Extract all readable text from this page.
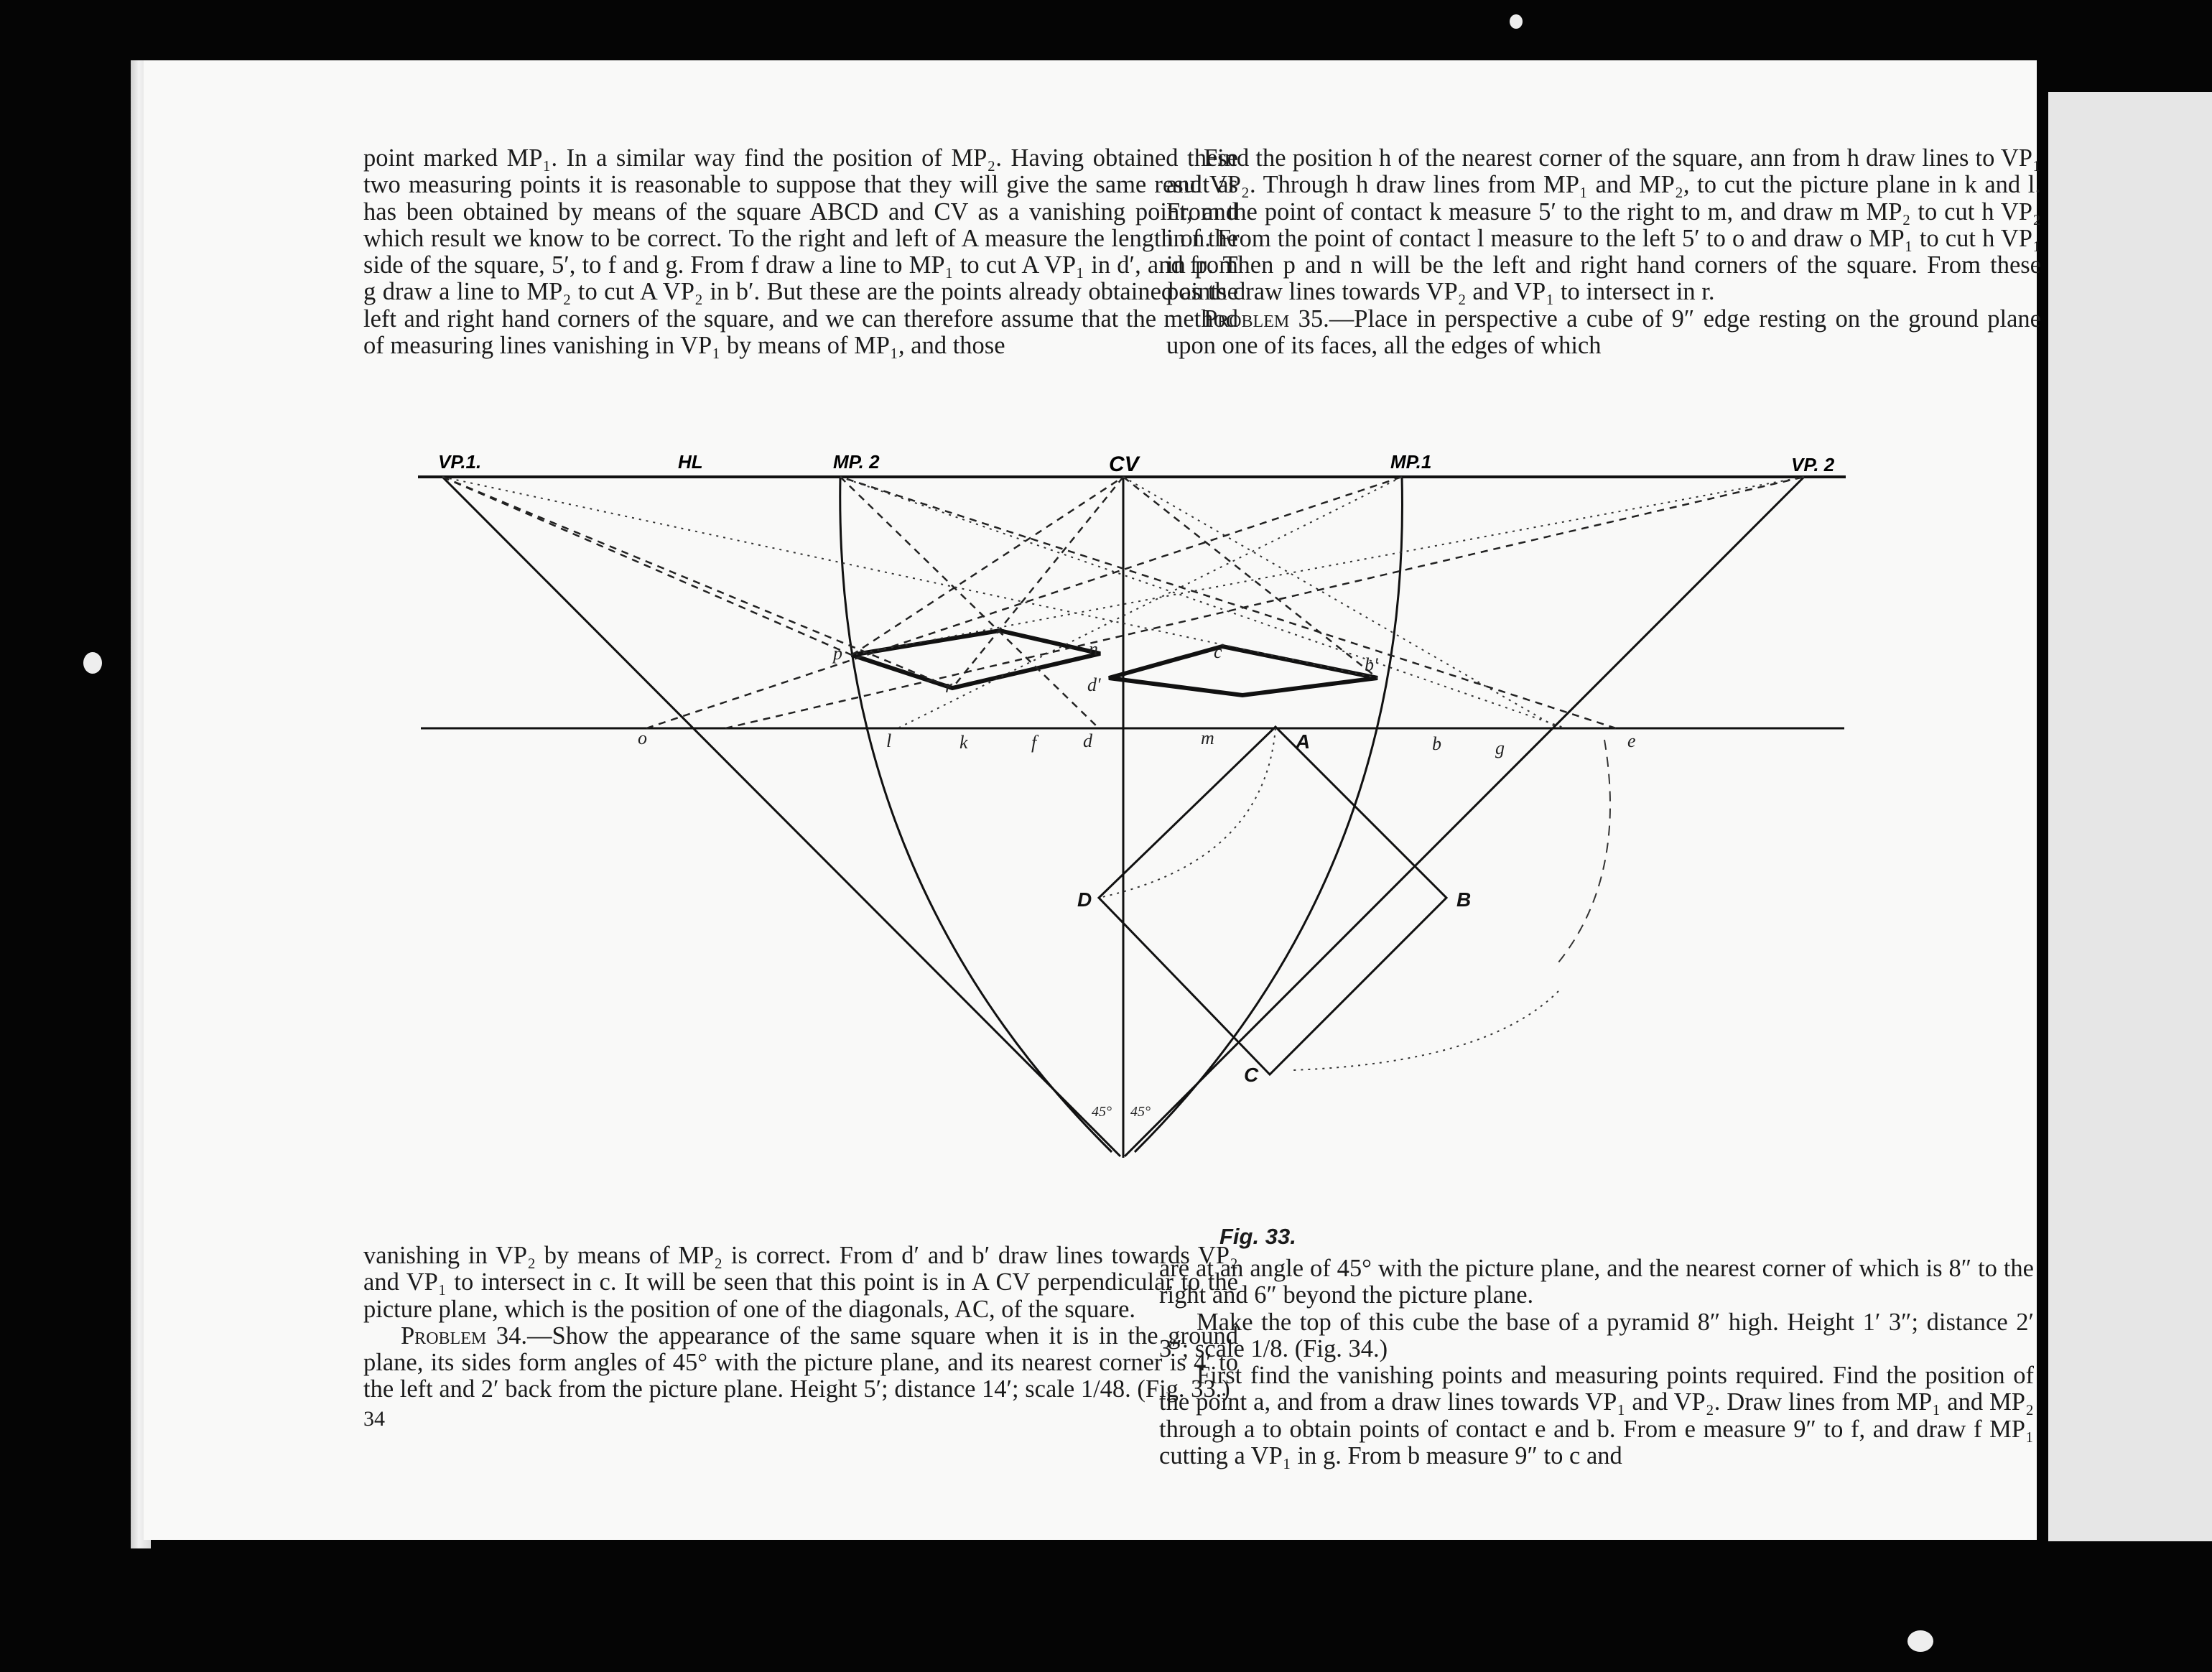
point marked MP₁. In a similar way find the position of MP₂. Having obtained these two measuring points it is reasonable to suppose that they will give the same result as has been obtained by means of the square ABCD and CV as a vanishing point, and which result we know to be correct. To the right and left of A measure the length of the side of the square, 5′, to f and g. From f draw a line to MP₁ to cut A VP₁ in d′, and from g draw a line to MP₂ to cut A VP₂ in b′. But these are the points already obtained as the left and right hand corners of the square, and we can therefore assume that the method of measuring lines vanishing in VP₁ by means of MP₁, and those

Find the position h of the nearest corner of the square, ann from h draw lines to VP₁ and VP₂. Through h draw lines from MP₁ and MP₂, to cut the picture plane in k and l. From the point of contact k measure 5′ to the right to m, and draw m MP₂ to cut h VP₂ in n. From the point of contact l measure to the left 5′ to o and draw o MP₁ to cut h VP₁ in p. Then p and n will be the left and right hand corners of the square. From these points draw lines towards VP₂ and VP₁ to intersect in r.

Problem 35.—Place in perspective a cube of 9″ edge resting on the ground plane upon one of its faces, all the edges of which

Fig. 33.

vanishing in VP₂ by means of MP₂ is correct. From d′ and b′ draw lines towards VP₂ and VP₁ to intersect in c. It will be seen that this point is in A CV perpendicular to the picture plane, which is the position of one of the diagonals, AC, of the square.

Problem 34.—Show the appearance of the same square when it is in the ground plane, its sides form angles of 45° with the picture plane, and its nearest corner is 4′ to the left and 2′ back from the picture plane. Height 5′; distance 14′; scale 1/48. (Fig. 33.)

34

are at an angle of 45° with the picture plane, and the nearest corner of which is 8″ to the right and 6″ beyond the picture plane.

Make the top of this cube the base of a pyramid 8″ high. Height 1′ 3″; distance 2′ 3″; scale 1/8. (Fig. 34.)

First find the vanishing points and measuring points required. Find the position of the point a, and from a draw lines towards VP₁ and VP₂. Draw lines from MP₁ and MP₂ through a to obtain points of contact e and b. From e measure 9″ to f, and draw f MP₁ cutting a VP₁ in g. From b measure 9″ to c and

VP.1.	HL	MP. 2	CV	MP.1	VP. 2
p	n
r
c
d′
b′
o	l	k	f d	m	b	g	e
A
D	B
C
45° 45°
